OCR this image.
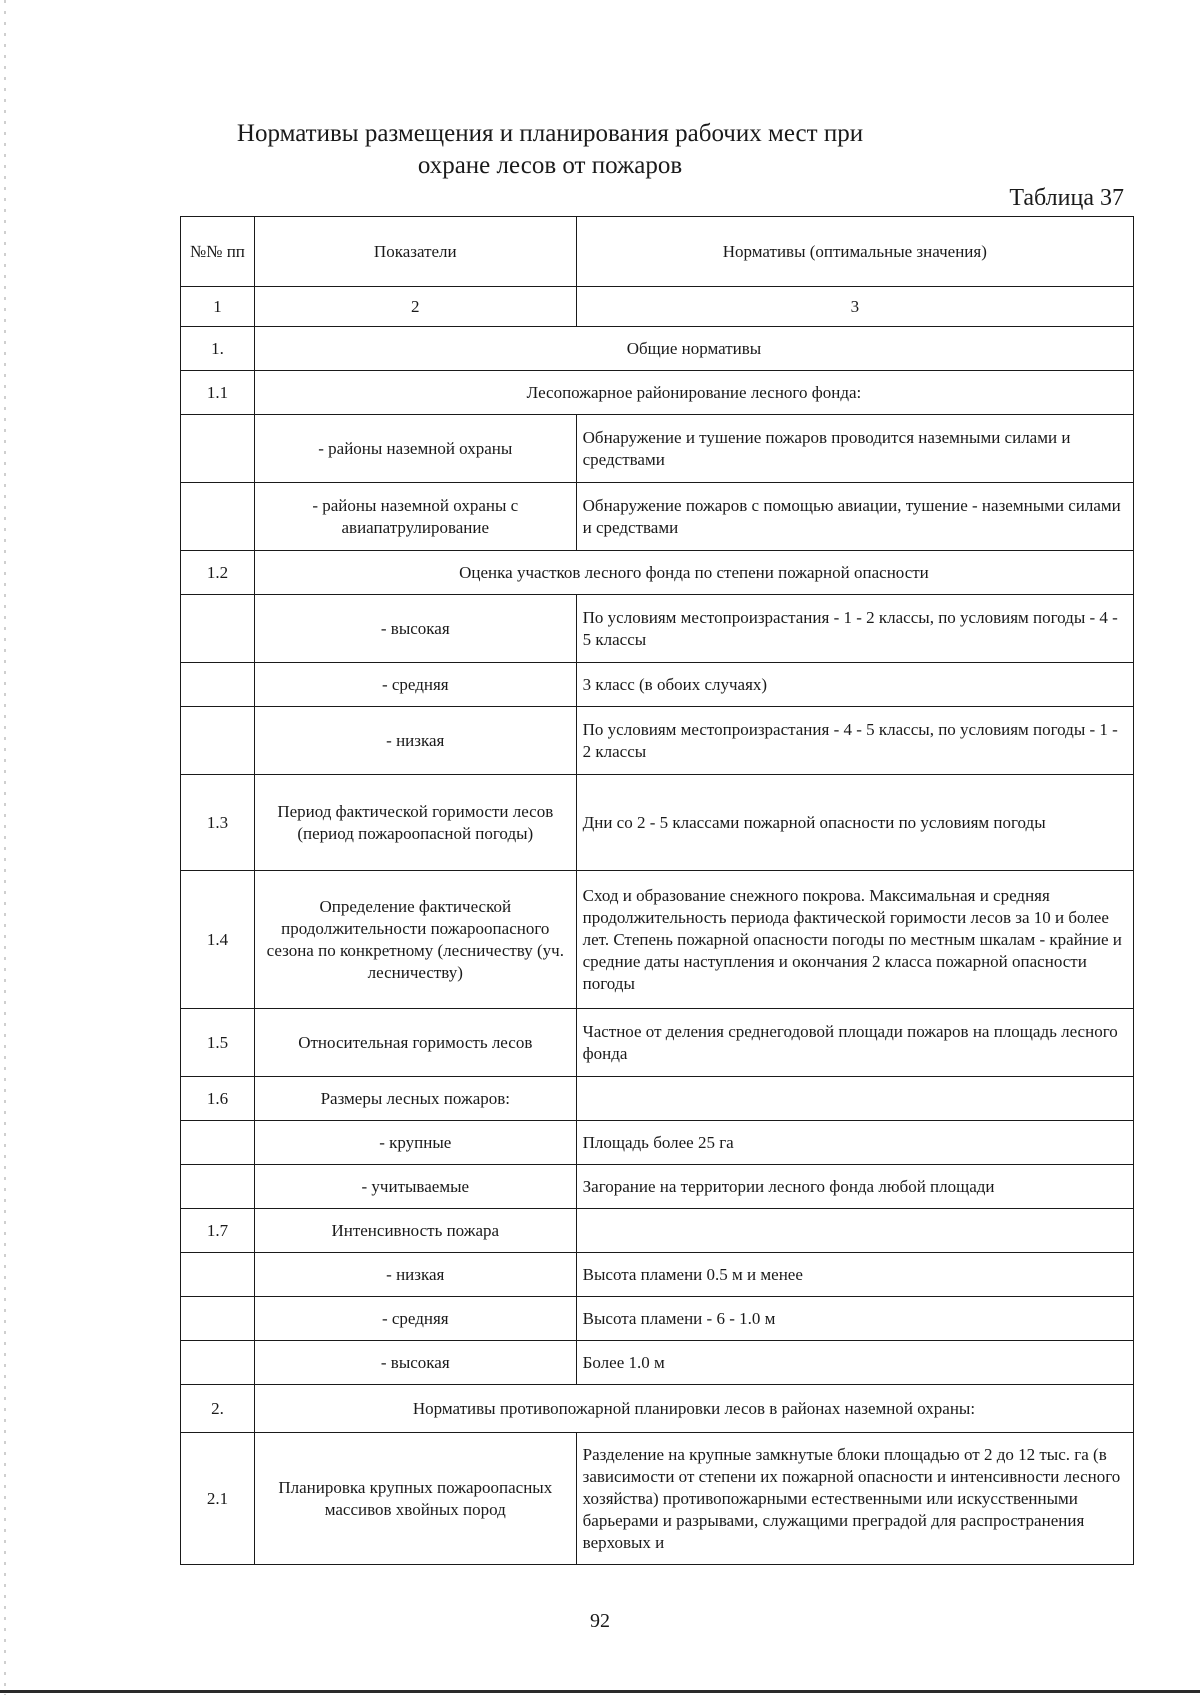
Нормативы размещения и планирования рабочих мест при охране лесов от пожаров
Таблица 37
№№ пп	Показатели	Нормативы (оптимальные значения)
1	2	3
1.	Общие нормативы	
1.1	Лесопожарное районирование лесного фонда:	
	- районы наземной охраны	Обнаружение и тушение пожаров проводится наземными силами и средствами
	- районы наземной охраны с авиапатрулирование	Обнаружение пожаров с помощью авиации, тушение - наземными силами и средствами
1.2	Оценка участков лесного фонда по степени пожарной опасности	
	- высокая	По условиям местопроизрастания - 1 - 2 классы, по условиям погоды - 4 - 5 классы
	- средняя	3 класс (в обоих случаях)
	- низкая	По условиям местопроизрастания - 4 - 5 классы, по условиям погоды - 1 - 2 классы
1.3	Период фактической горимости лесов (период пожароопасной погоды)	Дни со 2 - 5 классами пожарной опасности по условиям погоды
1.4	Определение фактической продолжительности пожароопасного сезона по конкретному (лесничеству (уч. лесничеству)	Сход и образование снежного покрова. Максимальная и средняя продолжительность периода фактической горимости лесов за 10 и более лет. Степень пожарной опасности погоды по местным шкалам - крайние и средние даты наступления и окончания 2 класса пожарной опасности погоды
1.5	Относительная горимость лесов	Частное от деления среднегодовой площади пожаров на площадь лесного фонда
1.6	Размеры лесных пожаров:	
	- крупные	Площадь более 25 га
	- учитываемые	Загорание на территории лесного фонда любой площади
1.7	Интенсивность пожара	
	- низкая	Высота пламени 0.5 м и менее
	- средняя	Высота пламени - 6 - 1.0 м
	- высокая	Более 1.0 м
2.	Нормативы противопожарной планировки лесов в районах наземной охраны:	
2.1	Планировка крупных пожароопасных массивов хвойных пород	Разделение на крупные замкнутые блоки площадью от 2 до 12 тыс. га (в зависимости от степени их пожарной опасности и интенсивности лесного хозяйства) противопожарными естественными или искусственными барьерами и разрывами, служащими преградой для распространения верховых и
92
